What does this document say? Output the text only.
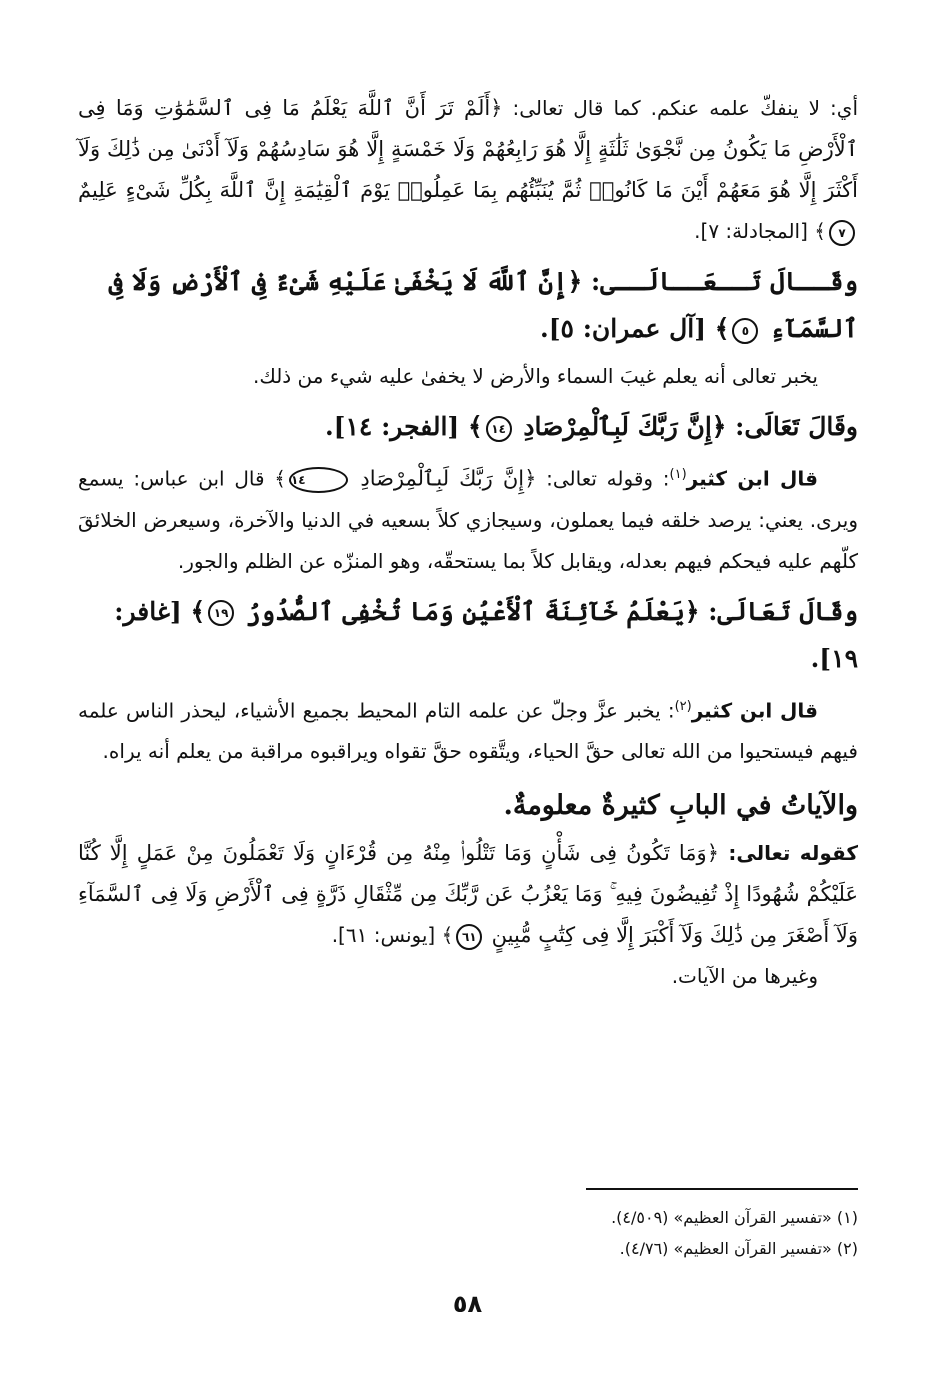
أي: لا ينفكّ علمه عنكم. كما قال تعالى: ﴿أَلَمْ تَرَ أَنَّ ٱللَّهَ يَعْلَمُ مَا فِى ٱلسَّمَٰوَٰتِ وَمَا فِى ٱلْأَرْضِ مَا يَكُونُ مِن نَّجْوَىٰ ثَلَٰثَةٍ إِلَّا هُوَ رَابِعُهُمْ وَلَا خَمْسَةٍ إِلَّا هُوَ سَادِسُهُمْ وَلَآ أَدْنَىٰ مِن ذَٰلِكَ وَلَآ أَكْثَرَ إِلَّا هُوَ مَعَهُمْ أَيْنَ مَا كَانُوا۟ ثُمَّ يُنَبِّئُهُم بِمَا عَمِلُوا۟ يَوْمَ ٱلْقِيَٰمَةِ إِنَّ ٱللَّهَ بِكُلِّ شَىْءٍ عَلِيمٌ ٧﴾ [المجادلة: ٧].

وقَــالَ تَــعَــالَــى: ﴿إِنَّ ٱللَّهَ لَا يَخْفَىٰ عَلَيْهِ شَىْءٌ فِى ٱلْأَرْضِ وَلَا فِى ٱلسَّمَآءِ ٥﴾ [آل عمران: ٥].

يخبر تعالى أنه يعلم غيبَ السماء والأرض لا يخفىٰ عليه شيء من ذلك.

وقَالَ تَعَالَى: ﴿إِنَّ رَبَّكَ لَبِٱلْمِرْصَادِ ١٤﴾ [الفجر: ١٤].

قال ابن كثير$^{(١)}$: وقوله تعالى: ﴿إِنَّ رَبَّكَ لَبِٱلْمِرْصَادِ ١٤﴾ قال ابن عباس: يسمع ويرى. يعني: يرصد خلقه فيما يعملون، وسيجازي كلاً بسعيه في الدنيا والآخرة، وسيعرض الخلائقَ كلّهم عليه فيحكم فيهم بعدله، ويقابل كلاً بما يستحقّه، وهو المنزّه عن الظلم والجور.

وقَالَ تَعَالَى: ﴿يَعْلَمُ خَآئِنَةَ ٱلْأَعْيُنِ وَمَا تُخْفِى ٱلصُّدُورُ ١٩﴾ [غافر: ١٩].

قال ابن كثير$^{(٢)}$: يخبر عزَّ وجلّ عن علمه التام المحيط بجميع الأشياء، ليحذر الناس علمه فيهم فيستحيوا من الله تعالى حقَّ الحياء، ويتَّقوه حقَّ تقواه ويراقبوه مراقبة من يعلم أنه يراه.

والآياتُ في البابِ كثيرةٌ معلومةٌ.

كقوله تعالى: ﴿وَمَا تَكُونُ فِى شَأْنٍ وَمَا تَتْلُوا۟ مِنْهُ مِن قُرْءَانٍ وَلَا تَعْمَلُونَ مِنْ عَمَلٍ إِلَّا كُنَّا عَلَيْكُمْ شُهُودًا إِذْ تُفِيضُونَ فِيهِ ۚ وَمَا يَعْزُبُ عَن رَّبِّكَ مِن مِّثْقَالِ ذَرَّةٍ فِى ٱلْأَرْضِ وَلَا فِى ٱلسَّمَآءِ وَلَآ أَصْغَرَ مِن ذَٰلِكَ وَلَآ أَكْبَرَ إِلَّا فِى كِتَٰبٍ مُّبِينٍ ٦١﴾ [يونس: ٦١].

وغيرها من الآيات.

(١) «تفسير القرآن العظيم» (٤/٥٠٩).

(٢) «تفسير القرآن العظيم» (٤/٧٦).

٥٨
